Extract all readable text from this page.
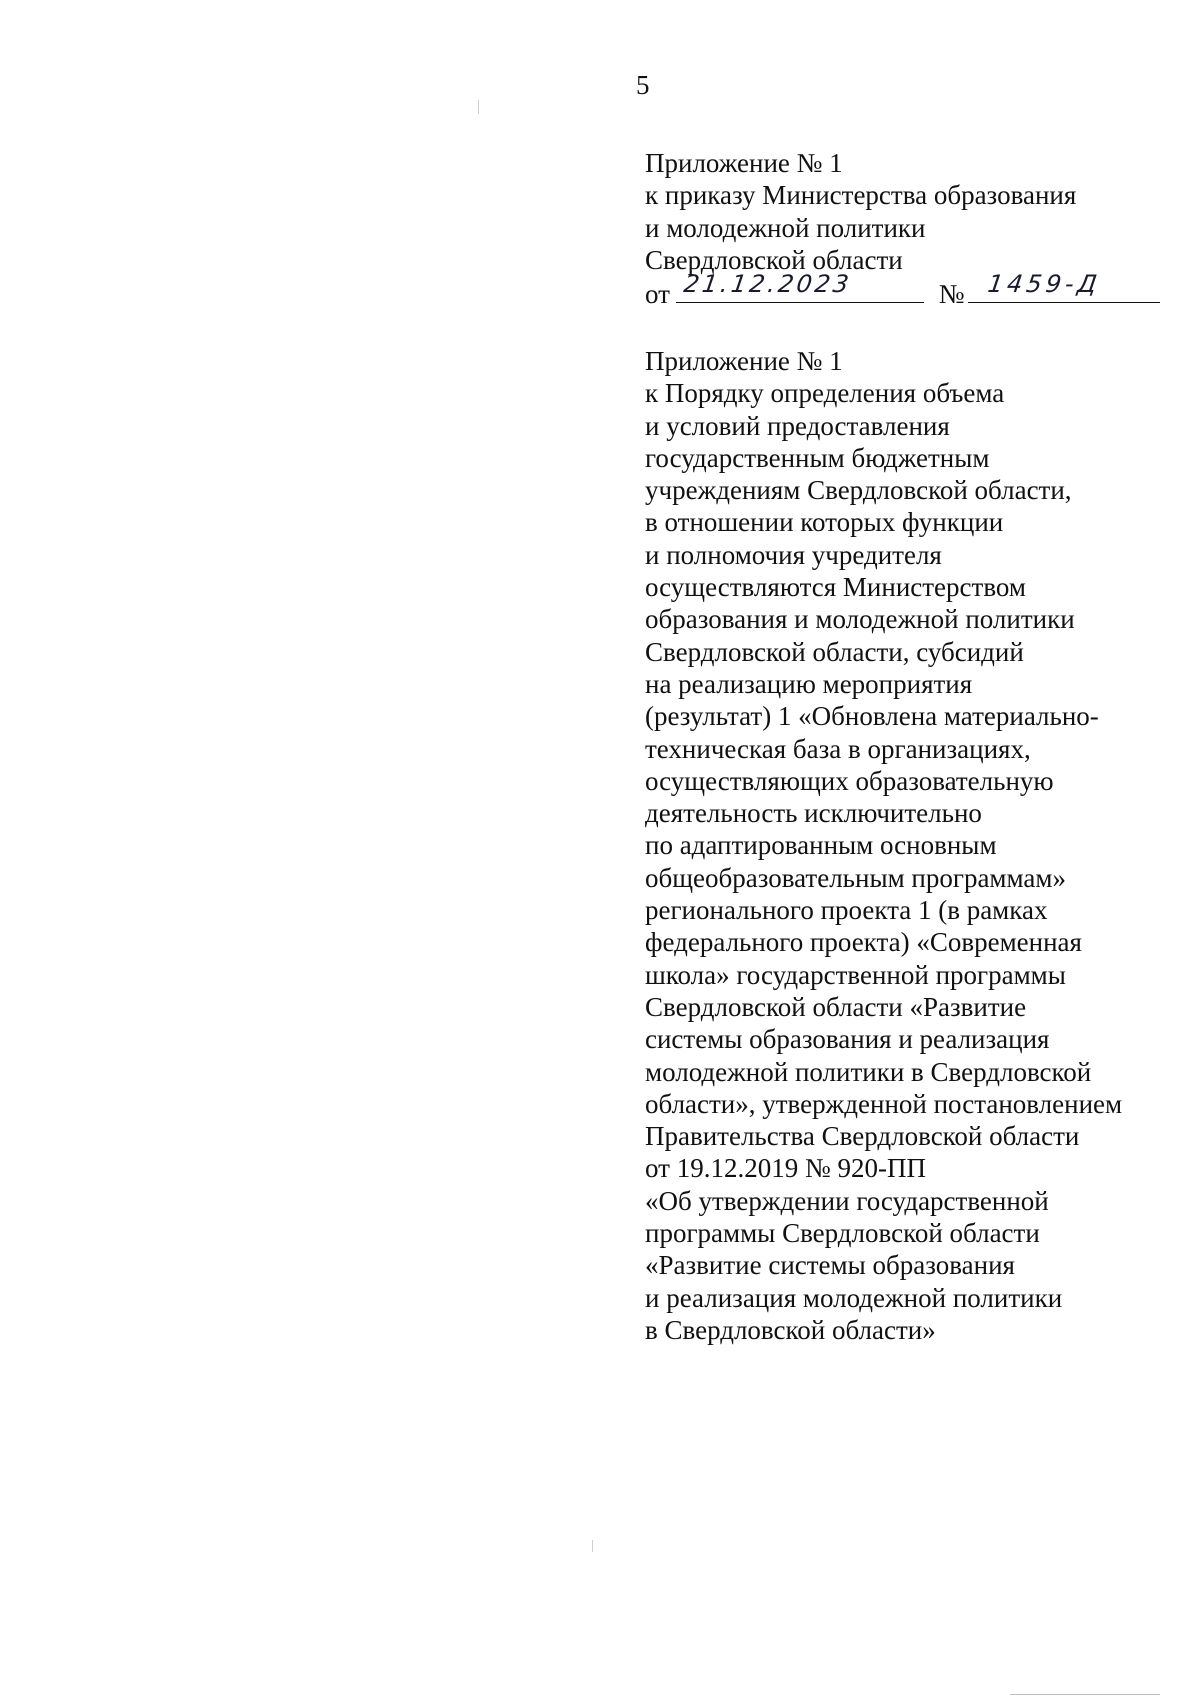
5
Приложение № 1
к приказу Министерства образования
и молодежной политики
Свердловской области
от 21.12.2023	№ 1459-Д
Приложение № 1
к Порядку определения объема
и условий предоставления
государственным бюджетным
учреждениям Свердловской области,
в отношении которых функции
и полномочия учредителя
осуществляются Министерством
образования и молодежной политики
Свердловской области, субсидий
на реализацию мероприятия
(результат) 1 «Обновлена материально-
техническая база в организациях,
осуществляющих образовательную
деятельность исключительно
по адаптированным основным
общеобразовательным программам»
регионального проекта 1 (в рамках
федерального проекта) «Современная
школа» государственной программы
Свердловской области «Развитие
системы образования и реализация
молодежной политики в Свердловской
области», утвержденной постановлением
Правительства Свердловской области
от 19.12.2019 № 920-ПП
«Об утверждении государственной
программы Свердловской области
«Развитие системы образования
и реализация молодежной политики
в Свердловской области»
